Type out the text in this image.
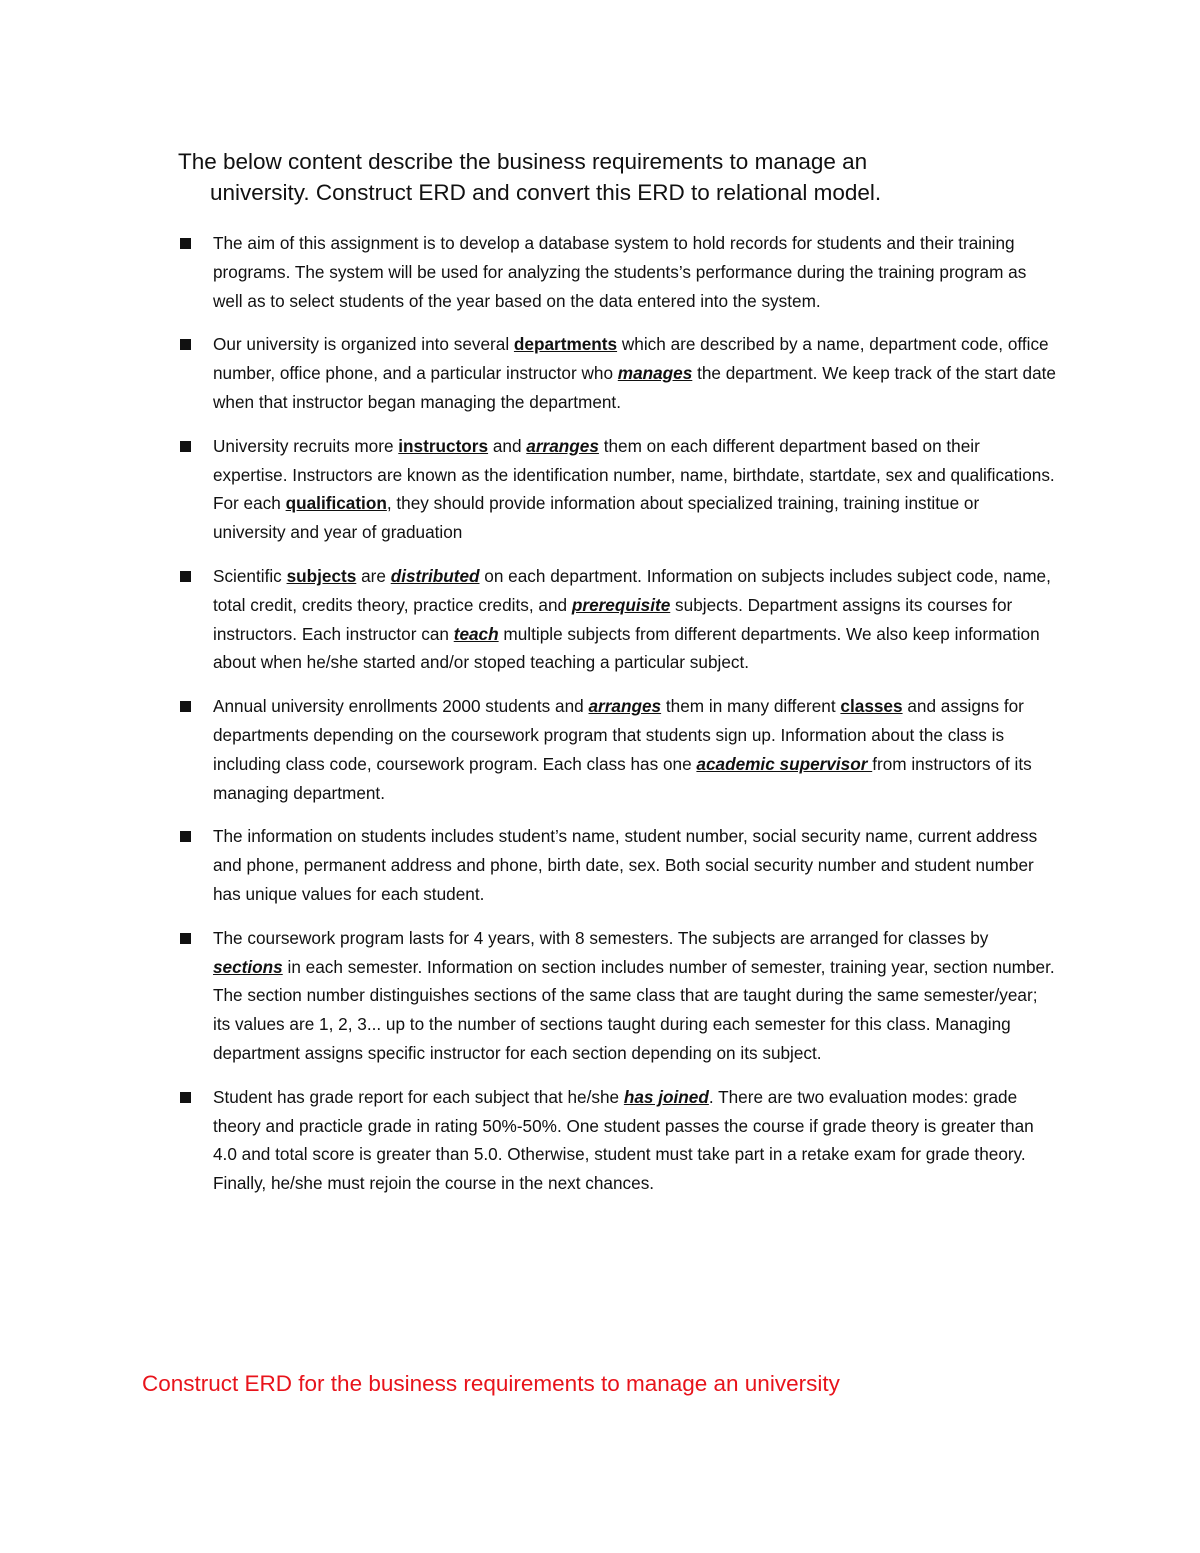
The below content describe the business requirements to manage an
university. Construct ERD and convert this ERD to relational model.
The aim of this assignment is to develop a database system to hold records for students and their training programs. The system will be used for analyzing the students’s performance during the training program as well as to select students of the year based on the data entered into the system.
Our university is organized into several departments which are described by a name, department code, office number, office phone, and a particular instructor who manages the department. We keep track of the start date when that instructor began managing the department.
University recruits more instructors and arranges them on each different department based on their expertise. Instructors are known as the identification number, name, birthdate, startdate, sex and qualifications. For each qualification, they should provide information about specialized training, training institue or university and year of graduation
Scientific subjects are distributed on each department. Information on subjects includes subject code, name, total credit, credits theory, practice credits, and prerequisite subjects. Department assigns its courses for instructors. Each instructor can teach multiple subjects from different departments. We also keep information about when he/she started and/or stoped teaching a particular subject.
Annual university enrollments 2000 students and arranges them in many different classes and assigns for departments depending on the coursework program that students sign up. Information about the class is including class code, coursework program. Each class has one academic supervisor from instructors of its managing department.
The information on students includes student’s name, student number, social security name, current address and phone, permanent address and phone, birth date, sex. Both social security number and student number has unique values for each student.
The coursework program lasts for 4 years, with 8 semesters. The subjects are arranged for classes by sections in each semester. Information on section includes number of semester, training year, section number. The section number distinguishes sections of the same class that are taught during the same semester/year; its values are 1, 2, 3... up to the number of sections taught during each semester for this class. Managing department assigns specific instructor for each section depending on its subject.
Student has grade report for each subject that he/she has joined. There are two evaluation modes: grade theory and practicle grade in rating 50%-50%. One student passes the course if grade theory is greater than 4.0 and total score is greater than 5.0. Otherwise, student must take part in a retake exam for grade theory. Finally, he/she must rejoin the course in the next chances.
Construct ERD for the business requirements to manage an university
